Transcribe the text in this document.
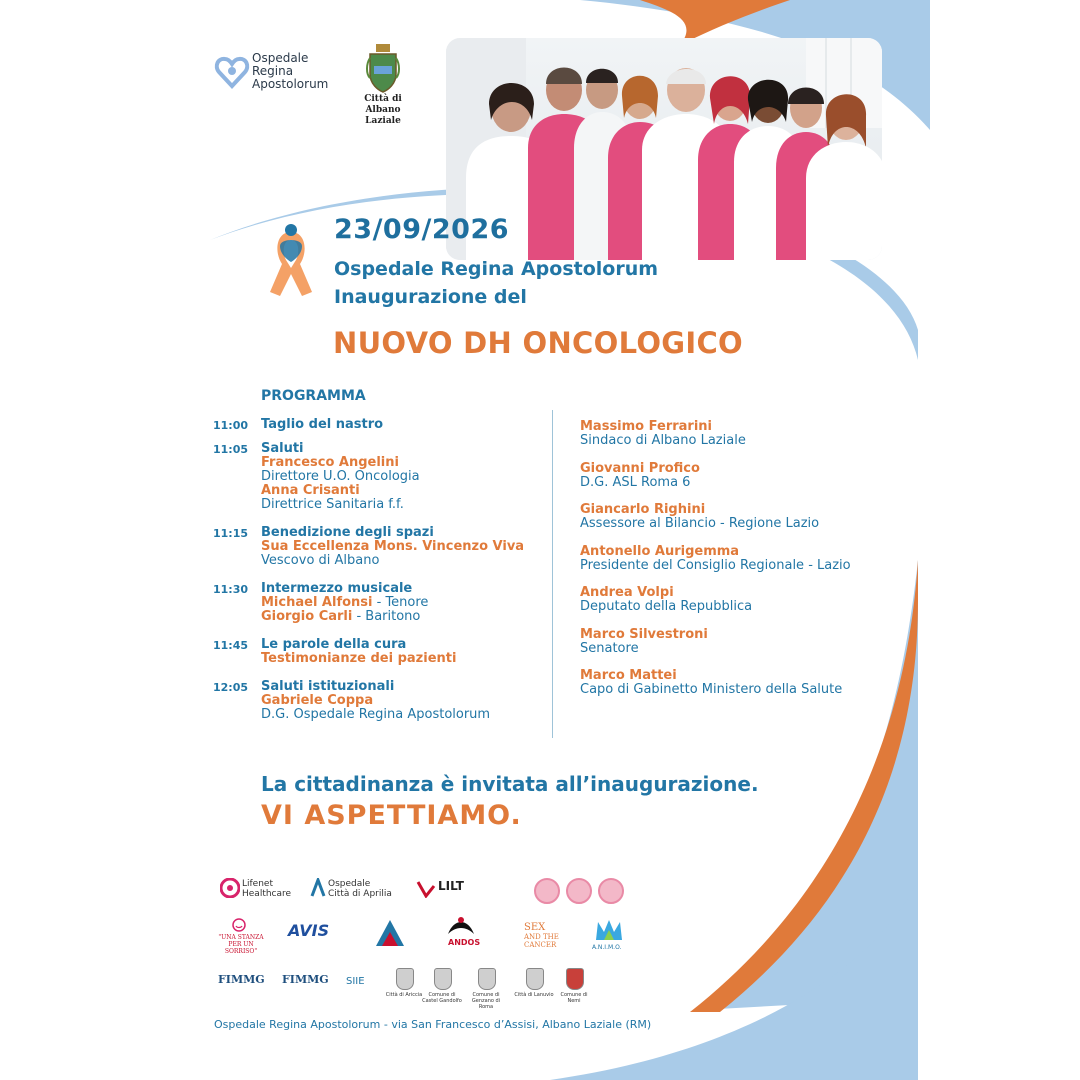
Ospedale
Regina
Apostolorum
Città di
Albano Laziale
23/09/2026
Ospedale Regina Apostolorum
Inaugurazione del
NUOVO DH ONCOLOGICO
PROGRAMMA
11:00 Taglio del nastro
11:05 Saluti
Francesco Angelini
Direttore U.O. Oncologia
Anna Crisanti
Direttrice Sanitaria f.f.
11:15 Benedizione degli spazi
Sua Eccellenza Mons. Vincenzo Viva
Vescovo di Albano
11:30 Intermezzo musicale
Michael Alfonsi - Tenore
Giorgio Carli - Baritono
11:45 Le parole della cura
Testimonianze dei pazienti
12:05 Saluti istituzionali
Gabriele Coppa
D.G. Ospedale Regina Apostolorum
Massimo Ferrarini
Sindaco di Albano Laziale
Giovanni Profico
D.G. ASL Roma 6
Giancarlo Righini
Assessore al Bilancio - Regione Lazio
Antonello Aurigemma
Presidente del Consiglio Regionale - Lazio
Andrea Volpi
Deputato della Repubblica
Marco Silvestroni
Senatore
Marco Mattei
Capo di Gabinetto Ministero della Salute
La cittadinanza è invitata all’inaugurazione.
VI ASPETTIAMO.
Lifenet
Healthcare
Ospedale
Città di Aprilia
LILT
"UNA STANZA
PER UN SORRISO"
AVIS
ANDOS
SEX
AND THE
CANCER	A.N.I.M.O.
FIMMG FIMMG SIIE
Città di Ariccia	Comune di Castel Gandolfo
Comune di Genzano di Roma
Città di Lanuvio	Comune di Nemi
Ospedale Regina Apostolorum - via San Francesco d’Assisi, Albano Laziale (RM)
